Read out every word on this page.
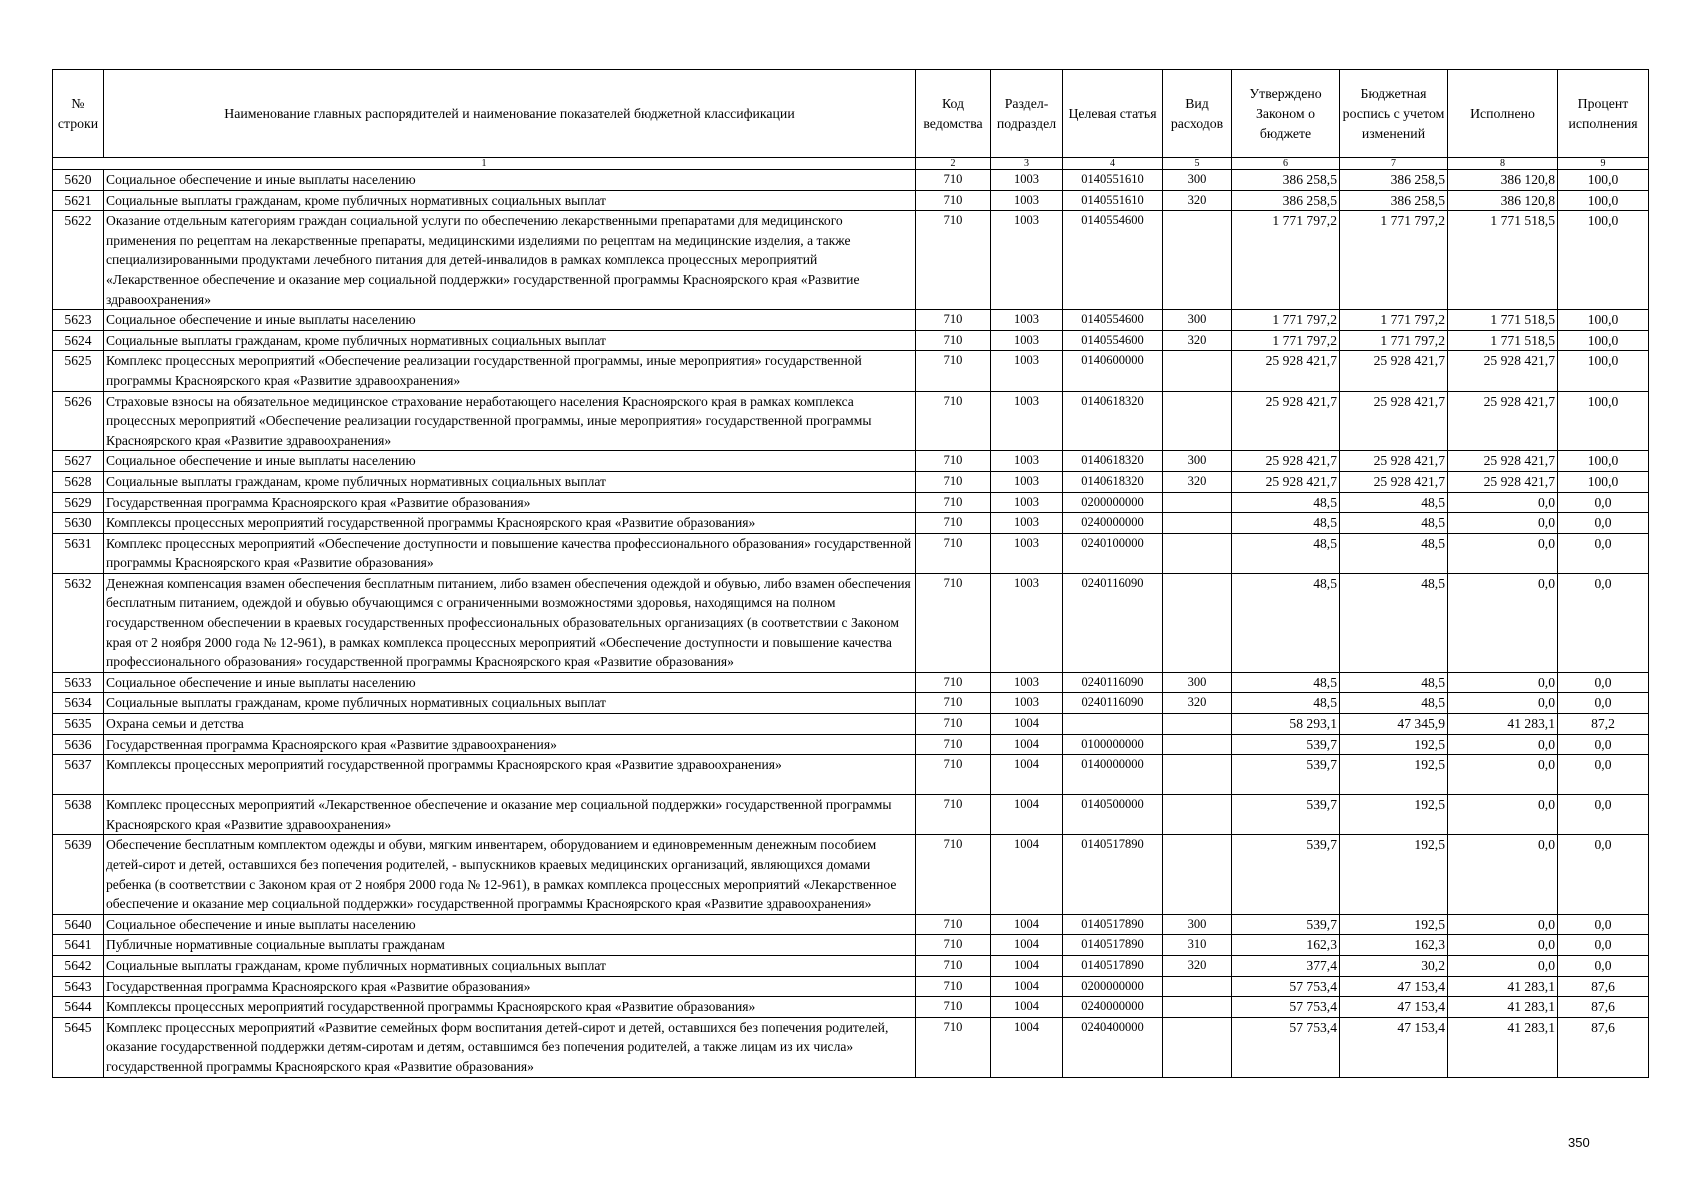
№ строки	Наименование главных распорядителей и наименование показателей бюджетной классификации	Код ведомства	Раздел-подраздел	Целевая статья	Вид расходов	Утверждено Законом о бюджете	Бюджетная роспись с учетом изменений	Исполнено	Процент исполнения
1		2	3	4	5	6	7	8	9
5620	Социальное обеспечение и иные выплаты населению	710	1003	0140551610	300	386 258,5	386 258,5	386 120,8	100,0
5621	Социальные выплаты гражданам, кроме публичных нормативных социальных выплат	710	1003	0140551610	320	386 258,5	386 258,5	386 120,8	100,0
5622	Оказание отдельным категориям граждан социальной услуги по обеспечению лекарственными препаратами для медицинского применения по рецептам на лекарственные препараты, медицинскими изделиями по рецептам на медицинские изделия, а также специализированными продуктами лечебного питания для детей-инвалидов в рамках комплекса процессных мероприятий «Лекарственное обеспечение и оказание мер социальной поддержки» государственной программы Красноярского края «Развитие здравоохранения»	710	1003	0140554600		1 771 797,2	1 771 797,2	1 771 518,5	100,0
5623	Социальное обеспечение и иные выплаты населению	710	1003	0140554600	300	1 771 797,2	1 771 797,2	1 771 518,5	100,0
5624	Социальные выплаты гражданам, кроме публичных нормативных социальных выплат	710	1003	0140554600	320	1 771 797,2	1 771 797,2	1 771 518,5	100,0
5625	Комплекс процессных мероприятий «Обеспечение реализации государственной программы, иные мероприятия» государственной программы Красноярского края «Развитие здравоохранения»	710	1003	0140600000		25 928 421,7	25 928 421,7	25 928 421,7	100,0
5626	Страховые взносы на обязательное медицинское страхование неработающего населения Красноярского края в рамках комплекса процессных мероприятий «Обеспечение реализации государственной программы, иные мероприятия» государственной программы Красноярского края «Развитие здравоохранения»	710	1003	0140618320		25 928 421,7	25 928 421,7	25 928 421,7	100,0
5627	Социальное обеспечение и иные выплаты населению	710	1003	0140618320	300	25 928 421,7	25 928 421,7	25 928 421,7	100,0
5628	Социальные выплаты гражданам, кроме публичных нормативных социальных выплат	710	1003	0140618320	320	25 928 421,7	25 928 421,7	25 928 421,7	100,0
5629	Государственная программа Красноярского края «Развитие образования»	710	1003	0200000000		48,5	48,5	0,0	0,0
5630	Комплексы процессных мероприятий государственной программы Красноярского края «Развитие образования»	710	1003	0240000000		48,5	48,5	0,0	0,0
5631	Комплекс процессных мероприятий «Обеспечение доступности и повышение качества профессионального образования» государственной программы Красноярского края «Развитие образования»	710	1003	0240100000		48,5	48,5	0,0	0,0
5632	Денежная компенсация взамен обеспечения бесплатным питанием, либо взамен обеспечения одеждой и обувью, либо взамен обеспечения бесплатным питанием, одеждой и обувью обучающимся с ограниченными возможностями здоровья, находящимся на полном государственном обеспечении в краевых государственных профессиональных образовательных организациях (в соответствии с Законом края от 2 ноября 2000 года № 12-961), в рамках комплекса процессных мероприятий «Обеспечение доступности и повышение качества профессионального образования» государственной программы Красноярского края «Развитие образования»	710	1003	0240116090		48,5	48,5	0,0	0,0
5633	Социальное обеспечение и иные выплаты населению	710	1003	0240116090	300	48,5	48,5	0,0	0,0
5634	Социальные выплаты гражданам, кроме публичных нормативных социальных выплат	710	1003	0240116090	320	48,5	48,5	0,0	0,0
5635	Охрана семьи и детства	710	1004			58 293,1	47 345,9	41 283,1	87,2
5636	Государственная программа Красноярского края «Развитие здравоохранения»	710	1004	0100000000		539,7	192,5	0,0	0,0
5637	Комплексы процессных мероприятий государственной программы Красноярского края «Развитие здравоохранения»	710	1004	0140000000		539,7	192,5	0,0	0,0
5638	Комплекс процессных мероприятий «Лекарственное обеспечение и оказание мер социальной поддержки» государственной программы Красноярского края «Развитие здравоохранения»	710	1004	0140500000		539,7	192,5	0,0	0,0
5639	Обеспечение бесплатным комплектом одежды и обуви, мягким инвентарем, оборудованием и единовременным денежным пособием детей-сирот и детей, оставшихся без попечения родителей, - выпускников краевых медицинских организаций, являющихся домами ребенка (в соответствии с Законом края от 2 ноября 2000 года № 12-961), в рамках комплекса процессных мероприятий «Лекарственное обеспечение и оказание мер социальной поддержки» государственной программы Красноярского края «Развитие здравоохранения»	710	1004	0140517890		539,7	192,5	0,0	0,0
5640	Социальное обеспечение и иные выплаты населению	710	1004	0140517890	300	539,7	192,5	0,0	0,0
5641	Публичные нормативные социальные выплаты гражданам	710	1004	0140517890	310	162,3	162,3	0,0	0,0
5642	Социальные выплаты гражданам, кроме публичных нормативных социальных выплат	710	1004	0140517890	320	377,4	30,2	0,0	0,0
5643	Государственная программа Красноярского края «Развитие образования»	710	1004	0200000000		57 753,4	47 153,4	41 283,1	87,6
5644	Комплексы процессных мероприятий государственной программы Красноярского края «Развитие образования»	710	1004	0240000000		57 753,4	47 153,4	41 283,1	87,6
5645	Комплекс процессных мероприятий «Развитие семейных форм воспитания детей-сирот и детей, оставшихся без попечения родителей, оказание государственной поддержки детям-сиротам и детям, оставшимся без попечения родителей, а также лицам из их числа» государственной программы Красноярского края «Развитие образования»	710	1004	0240400000		57 753,4	47 153,4	41 283,1	87,6
350
